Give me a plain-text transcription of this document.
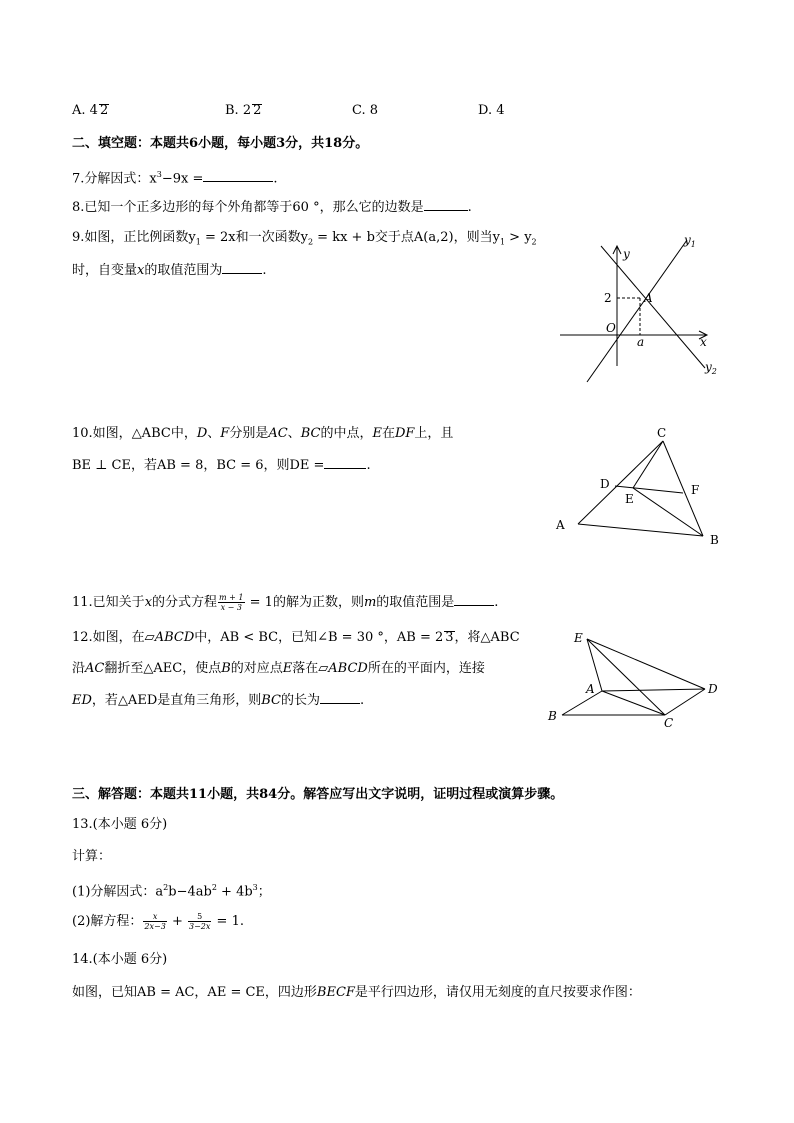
A. 4 2	B. 2 2	C. 8	D. 4
二、填空题：本题共6小题，每小题3分，共18分。
7.分解因式：$x^3-9x$ =	.
8.已知一个正多边形的每个外角都等于60 °，那么它的边数是	.
9.如图，正比例函数$y_1 = 2x$和一次函数$y_2$ = kx + b交于点A(a,2)，则当$y_1 > y_2$
时，自变量x的取值范围为	.
$y_1$
$y_2$
y
x
O
2
a
A
10.如图，△ABC中，D、F分别是AC、BC的中点，E在DF上，且
BE ⊥ CE，若AB = 8，BC = 6，则DE =	.
C
D
E
F
A
B
11.已知关于x的分式方程 $\frac{m + 1}{x - 3} = 1$的解为正数，则m的取值范围是	.
12.如图，在▱ABCD中，AB < BC，已知∠B = 30 °，AB = 2 3，将△ABC
沿AC翻折至△AEC，使点B的对应点E落在▱ABCD所在的平面内，连接
ED，若△AED是直角三角形，则BC的长为	.
E
A	D
B	C
三、解答题：本题共11小题，共84分。解答应写出文字说明，证明过程或演算步骤。
13.(本小题 6分)
计算：
(1)分解因式：$a^2b-4ab^2 + 4b^3$；
(2)解方程： $\frac{x}{2x-3} + \frac{5}{3-2x} = 1$.
14.(本小题 6分)
如图，已知AB = AC，AE = CE，四边形BECF是平行四边形，请仅用无刻度的直尺按要求作图：
